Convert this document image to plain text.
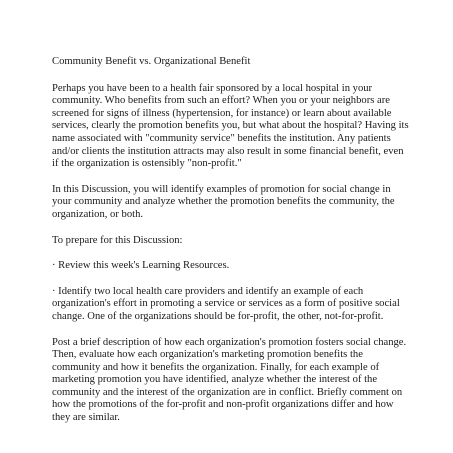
Community Benefit vs. Organizational Benefit

Perhaps you have been to a health fair sponsored by a local hospital in your community. Who benefits from such an effort? When you or your neighbors are screened for signs of illness (hypertension, for instance) or learn about available services, clearly the promotion benefits you, but what about the hospital? Having its name associated with "community service" benefits the institution. Any patients and/or clients the institution attracts may also result in some financial benefit, even if the organization is ostensibly "non-profit."

In this Discussion, you will identify examples of promotion for social change in your community and analyze whether the promotion benefits the community, the organization, or both.

To prepare for this Discussion:

· Review this week's Learning Resources.

· Identify two local health care providers and identify an example of each organization's effort in promoting a service or services as a form of positive social change. One of the organizations should be for-profit, the other, not-for-profit.

Post a brief description of how each organization's promotion fosters social change. Then, evaluate how each organization's marketing promotion benefits the community and how it benefits the organization. Finally, for each example of marketing promotion you have identified, analyze whether the interest of the community and the interest of the organization are in conflict. Briefly comment on how the promotions of the for-profit and non-profit organizations differ and how they are similar.
